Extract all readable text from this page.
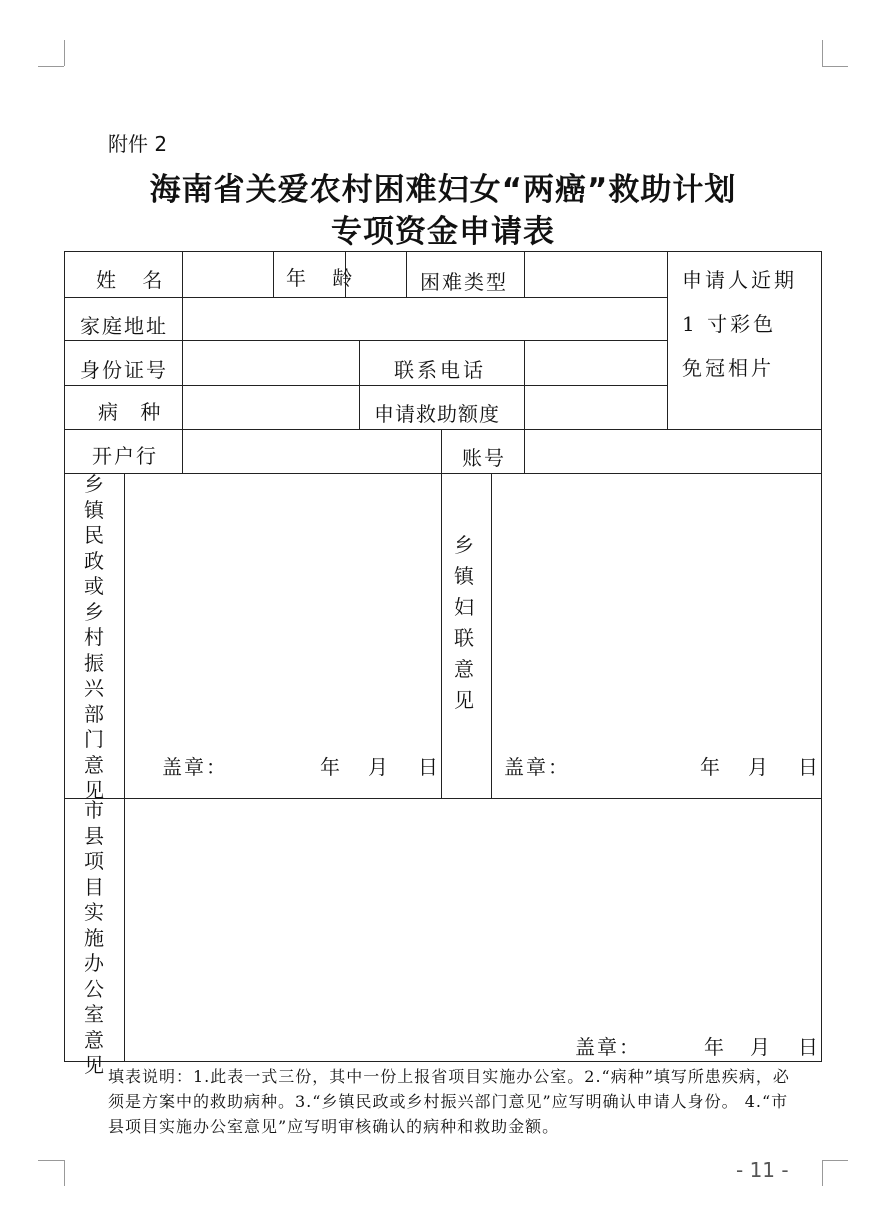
附件 2
海南省关爱农村困难妇女“两癌”救助计划
专项资金申请表
姓 名	年 龄	困难类型	申请人近期
1 寸彩色
免冠相片
家庭地址
身份证号	联系电话
病 种	申请救助额度
开户行	账号
乡镇民政或乡村振兴部门意见
盖章：	年 月 日
乡镇妇联意见
盖章：	年 月 日
市县项目实施办公室意见
盖章：	年 月 日
填表说明：1.此表一式三份，其中一份上报省项目实施办公室。2.“病种”填写所患疾病，必须是方案中的救助病种。3.“乡镇民政或乡村振兴部门意见”应写明确认申请人身份。 4.“市县项目实施办公室意见”应写明审核确认的病种和救助金额。
- 11 -
